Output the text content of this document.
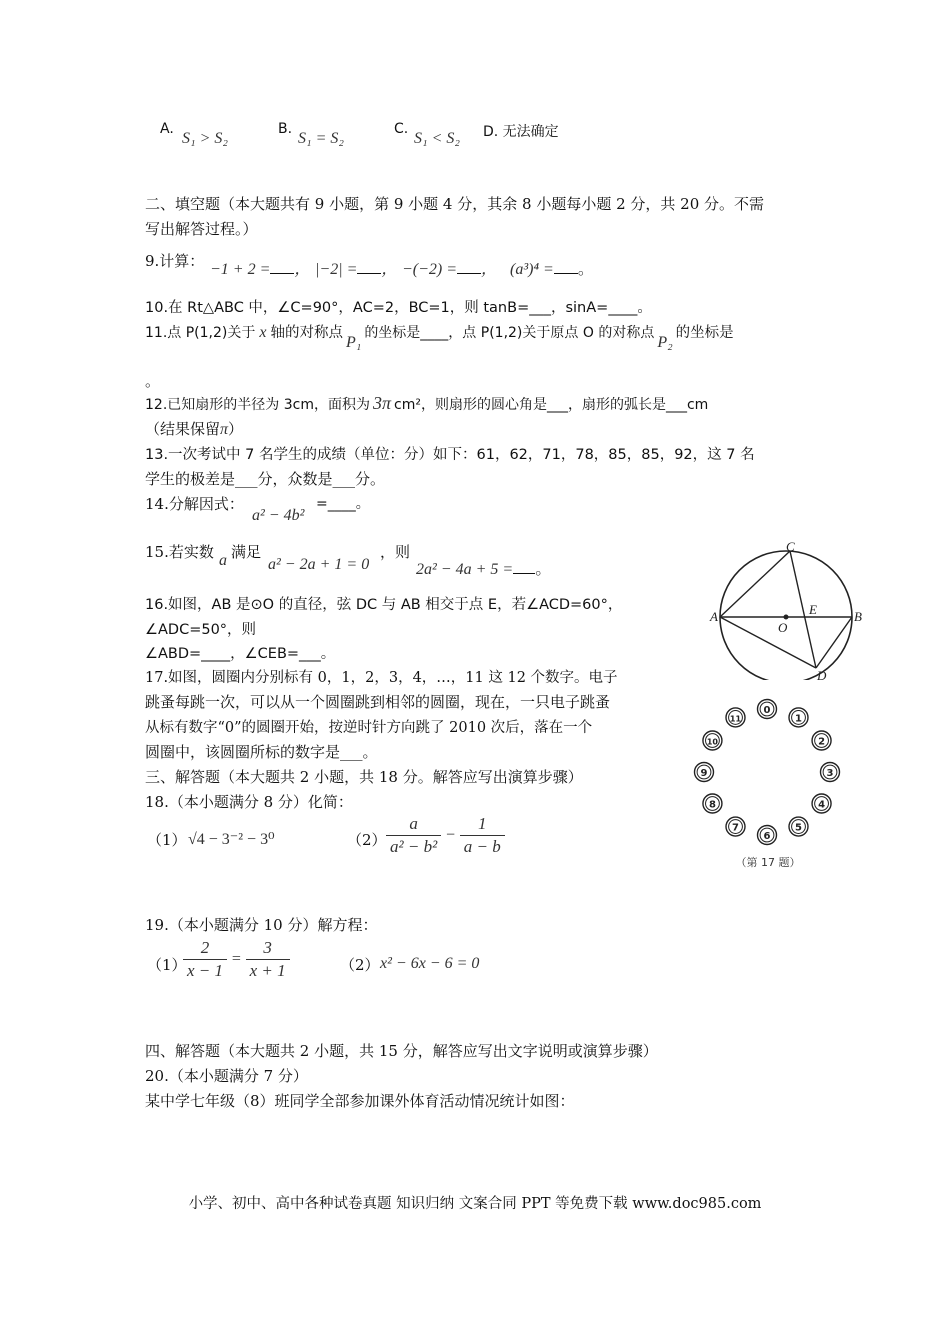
A.
S₁ > S₂
B.
S₁ = S₂
C.
S₁ < S₂ D. 无法确定
二、填空题（本大题共有 9 小题，第 9 小题 4 分，其余 8 小题每小题 2 分，共 20 分。不需
写出解答过程。）
9.计算： −1 + 2 = ， |−2| = ， −(−2) = ， (a³)⁴ = 。
10.在 Rt△ABC 中，∠C=90°，AC=2，BC=1，则 tanB=___，sinA=____。
11.点 P(1,2)关于 x 轴的对称点P₁的坐标是____，点 P(1,2)关于原点 O 的对称点P₂的坐标是
。
12.已知扇形的半径为 3cm，面积为 3π cm²，则扇形的圆心角是___，扇形的弧长是___cm
（结果保留π）
13.一次考试中 7 名学生的成绩（单位：分）如下：61，62，71，78，85，85，92，这 7 名
学生的极差是___分，众数是___分。
14.分解因式：
a² − 4b²
=____。
15.若实数 a 满足
a² − 2a + 1 = 0
，则
2a² − 4a + 5 = 。
16.如图，AB 是⊙O 的直径，弦 DC 与 AB 相交于点 E，若∠ACD=60°，
∠ADC=50°，则
∠ABD=____，∠CEB=___。
17.如图，圆圈内分别标有 0，1，2，3，4，…，11 这 12 个数字。电子
跳蚤每跳一次，可以从一个圆圈跳到相邻的圆圈，现在，一只电子跳蚤
从标有数字“0”的圆圈开始，按逆时针方向跳了 2010 次后，落在一个
圆圈中，该圆圈所标的数字是___。
三、解答题（本大题共 2 小题，共 18 分。解答应写出演算步骤）
18.（本小题满分 8 分）化简：
（1） √4 − 3⁻² − 3⁰	$(2) \frac{a}{\text{a² − b²}} - \frac{1}{a - b}$
19.（本小题满分 10 分）解方程：
（1）
$\frac{2}{x - 1} = \frac{3}{x + 1}$	（2） x² − 6x − 6 = 0
四、解答题（本大题共 2 小题，共 15 分，解答应写出文字说明或演算步骤）
20.（本小题满分 7 分）
某中学七年级（8）班同学全部参加课外体育活动情况统计如图：
C
A
O
E	B
D
0
1
2
3
4
5
6
7
8
9
10
11
（第 17 题）
小学、初中、高中各种试卷真题 知识归纳 文案合同 PPT 等免费下载 www.doc985.com
